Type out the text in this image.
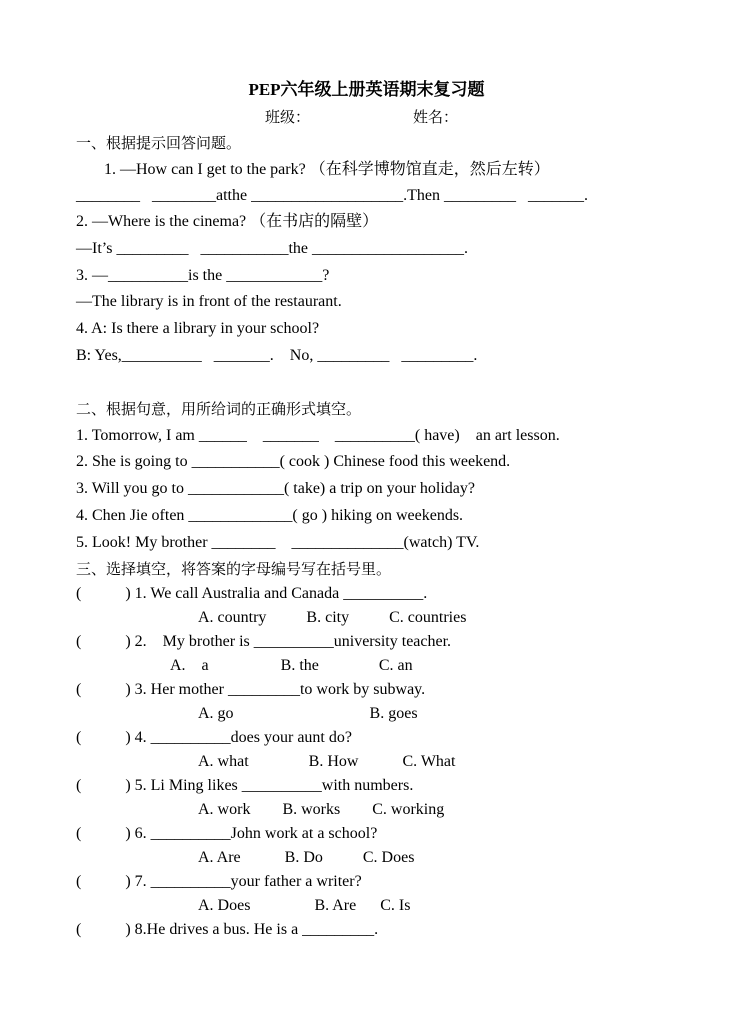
PEP六年级上册英语期末复习题
班级：	姓名：
一、根据提示回答问题。
1. —How can I get to the park? （在科学博物馆直走，然后左转）
________   ________atthe ___________________.Then _________   _______.
2. —Where is the cinema? （在书店的隔壁）
—It’s _________   ___________the ___________________.
3. —__________is the ____________?
—The library is in front of the restaurant.
4. A: Is there a library in your school?
B: Yes,__________   _______.    No, _________   _________.
二、根据句意，用所给词的正确形式填空。
1. Tomorrow, I am ______    _______    __________( have)    an art lesson.
2. She is going to ___________( cook ) Chinese food this weekend.
3. Will you go to ____________( take) a trip on your holiday?
4. Chen Jie often _____________( go ) hiking on weekends.
5. Look! My brother ________    ______________(watch) TV.
三、选择填空，将答案的字母编号写在括号里。
(           ) 1. We call Australia and Canada __________.
A. country          B. city          C. countries
(           ) 2.    My brother is __________university teacher.
A.    a                  B. the               C. an
(           ) 3. Her mother _________to work by subway.
A. go                                  B. goes
(           ) 4. __________does your aunt do?
A. what               B. How           C. What
(           ) 5. Li Ming likes __________with numbers.
A. work        B. works        C. working
(           ) 6. __________John work at a school?
A. Are           B. Do          C. Does
(           ) 7. __________your father a writer?
A. Does                B. Are      C. Is
(           ) 8.He drives a bus. He is a _________.
